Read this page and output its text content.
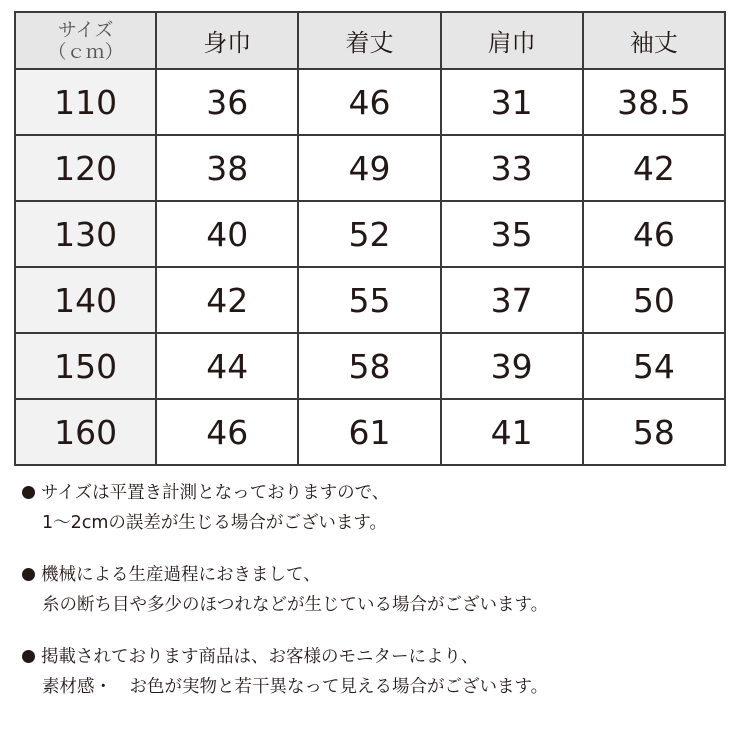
サイズ
（ｃｍ）	身巾	着丈	肩巾	袖丈
110	36	46	31	38.5
120	38	49	33	42
130	40	52	35	46
140	42	55	37	50
150	44	58	39	54
160	46	61	41	58
サイズは平置き計測となっておりますので、
1～2cmの誤差が生じる場合がございます。
機械による生産過程におきまして、
糸の断ち目や多少のほつれなどが生じている場合がございます。
掲載されております商品は、お客様のモニターにより、
素材感・　お色が実物と若干異なって見える場合がございます。
